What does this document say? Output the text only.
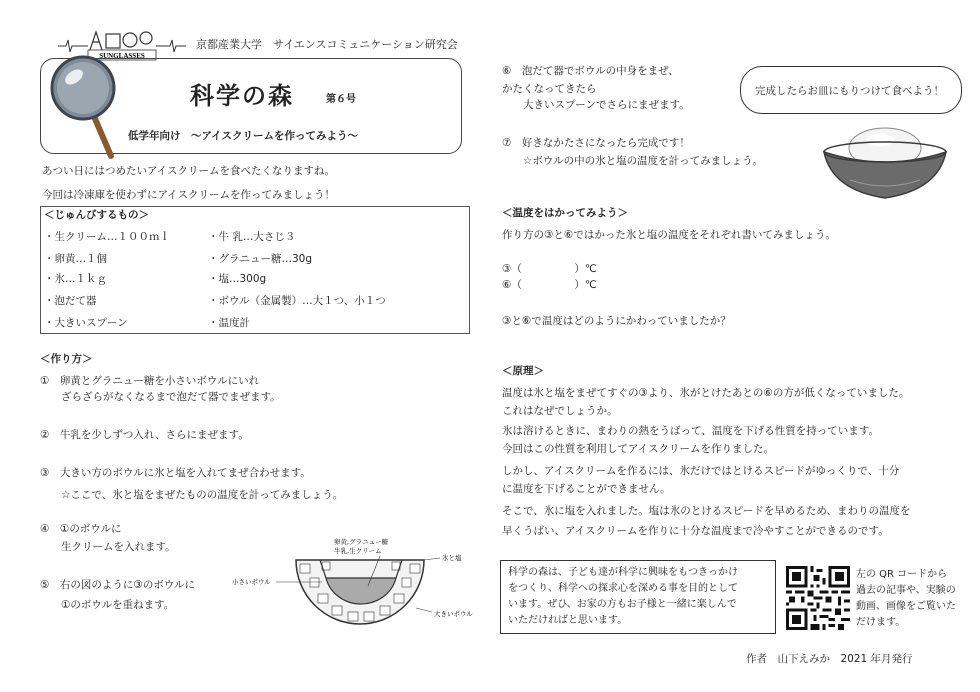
SUNGLASSES
京都産業大学　サイエンスコミュニケーション研究会
科学の森	第６号
低学年向け　～アイスクリームを作ってみよう～
あつい日にはつめたいアイスクリームを食べたくなりますね。
今回は冷凍庫を使わずにアイスクリームを作ってみましょう！
＜じゅんびするもの＞
・生クリーム…１００ｍｌ
・卵黄…１個
・氷…１ｋｇ
・泡だて器
・大きいスプーン
・牛 乳…大さじ３
・グラニュー糖…30g
・塩…300g
・ボウル（金属製）…大１つ、小１つ
・温度計
＜作り方＞
①　卵黄とグラニュー糖を小さいボウルにいれ
　　ざらざらがなくなるまで泡だて器でまぜます。
②　牛乳を少しずつ入れ、さらにまぜます。
③　大きい方のボウルに氷と塩を入れてまぜ合わせます。
　　☆ここで、氷と塩をまぜたものの温度を計ってみましょう。
④　①のボウルに
　　生クリームを入れます。
⑤　右の図のように③のボウルに
　　①のボウルを重ねます。
卵黄,グラニュー糖
牛乳,生クリーム
氷と塩
小さいボウル
大きいボウル
⑥　泡だて器でボウルの中身をまぜ、
かたくなってきたら
　　大きいスプーンでさらにまぜます。
⑦　好きなかたさになったら完成です！
　　☆ボウルの中の氷と塩の温度を計ってみましょう。
完成したらお皿にもりつけて食べよう！
＜温度をはかってみよう＞
作り方の③と⑥ではかった氷と塩の温度をそれぞれ書いてみましょう。
③（　　　　　）℃
⑥（　　　　　）℃
③と⑥で温度はどのようにかわっていましたか？
＜原理＞
温度は氷と塩をまぜてすぐの③より、氷がとけたあとの⑥の方が低くなっていました。
これはなぜでしょうか。
氷は溶けるときに、まわりの熱をうばって、温度を下げる性質を持っています。
今回はこの性質を利用してアイスクリームを作りました。
しかし、アイスクリームを作るには、氷だけではとけるスピードがゆっくりで、十分
に温度を下げることができません。
そこで、氷に塩を入れました。塩は氷のとけるスピードを早めるため、まわりの温度を
早くうばい、アイスクリームを作りに十分な温度まで冷やすことができるのです。
科学の森は、子ども達が科学に興味をもつきっかけ
をつくり、科学への探求心を深める事を目的として
います。ぜひ、お家の方もお子様と一緒に楽しんで
いただければと思います。
左の QR コードから
過去の記事や、実験の
動画、画像をご覧いた
だけます。
作者　山下えみか　2021 年月発行
